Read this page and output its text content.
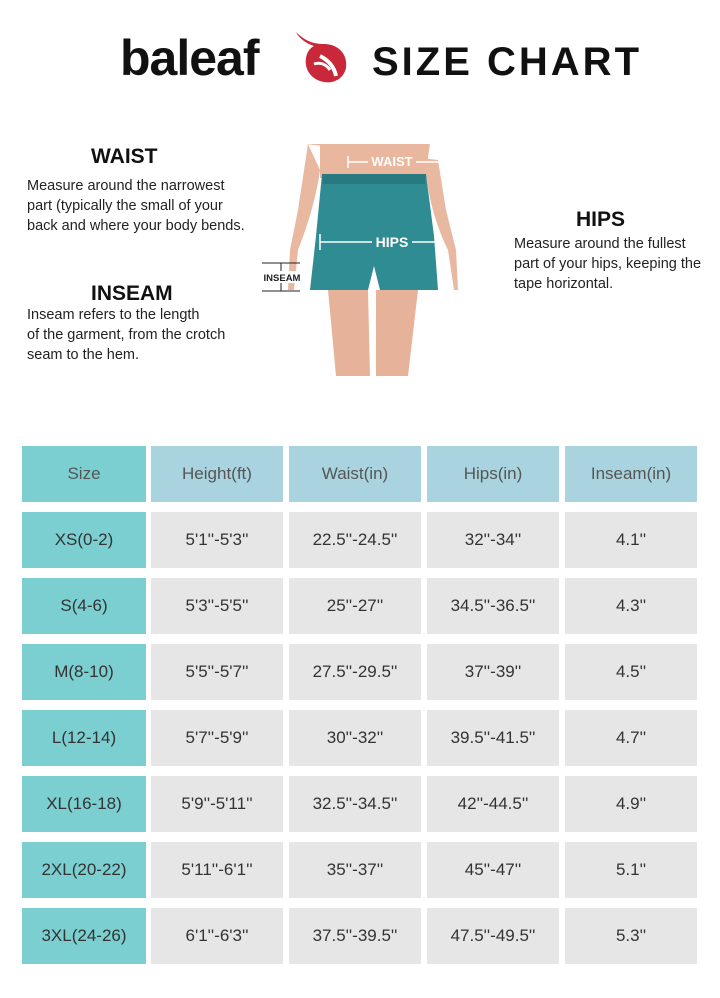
baleaf	SIZE CHART
WAIST
Measure around the narrowest
part (typically the small of your
back and where your body bends.
INSEAM
Inseam refers to the length
of the garment, from the crotch
seam to the hem.
HIPS
Measure around the fullest
part of your hips, keeping the
tape horizontal.
WAIST
HIPS
INSEAM
Size	Height(ft)	Waist(in)	Hips(in)	Inseam(in)
XS(0-2)	5'1''-5'3''	22.5''-24.5''	32''-34''	4.1''
S(4-6)	5'3''-5'5''	25''-27''	34.5''-36.5''	4.3''
M(8-10)	5'5''-5'7''	27.5''-29.5''	37''-39''	4.5''
L(12-14)	5'7''-5'9''	30''-32''	39.5''-41.5''	4.7''
XL(16-18)	5'9''-5'11''	32.5''-34.5''	42''-44.5''	4.9''
2XL(20-22)	5'11''-6'1''	35''-37''	45''-47''	5.1''
3XL(24-26)	6'1''-6'3''	37.5''-39.5''	47.5''-49.5''	5.3''
